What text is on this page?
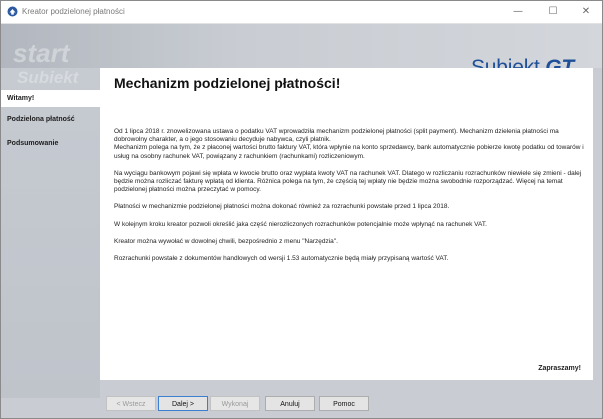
Kreator podzielonej płatności	—	☐	✕
start

Subiekt
Witamy!
Podzielona płatność
Podsumowanie
Mechanizm podzielonej płatności!

Od 1 lipca 2018 r. znowelizowana ustawa o podatku VAT wprowadziła mechanizm podzielonej płatności (split payment). Mechanizm dzielenia płatności ma dobrowolny charakter, a o jego stosowaniu decyduje nabywca, czyli płatnik.
Mechanizm polega na tym, że z płaconej wartości brutto faktury VAT, która wpłynie na konto sprzedawcy, bank automatycznie pobierze kwotę podatku od towarów i usług na osobny rachunek VAT, powiązany z rachunkiem (rachunkami) rozliczeniowym.

Na wyciągu bankowym pojawi się wpłata w kwocie brutto oraz wypłata kwoty VAT na rachunek VAT. Dlatego w rozliczaniu rozrachunków niewiele się zmieni - dalej będzie można rozliczać fakturę wpłatą od klienta. Różnica polega na tym, że częścią tej wpłaty nie będzie można swobodnie rozporządzać. Więcej na temat podzielonej płatności można przeczytać w pomocy.

Płatności w mechanizmie podzielonej płatności można dokonać również za rozrachunki powstałe przed 1 lipca 2018.

W kolejnym kroku kreator pozwoli określić jaka część nierozliczonych rozrachunków potencjalnie może wpłynąć na rachunek VAT.

Kreator można wywołać w dowolnej chwili, bezpośrednio z menu "Narzędzia".

Rozrachunki powstałe z dokumentów handlowych od wersji 1.53 automatycznie będą miały przypisaną wartość VAT.

Zapraszamy!
< Wstecz	Dalej >	Wykonaj	Anuluj	Pomoc
